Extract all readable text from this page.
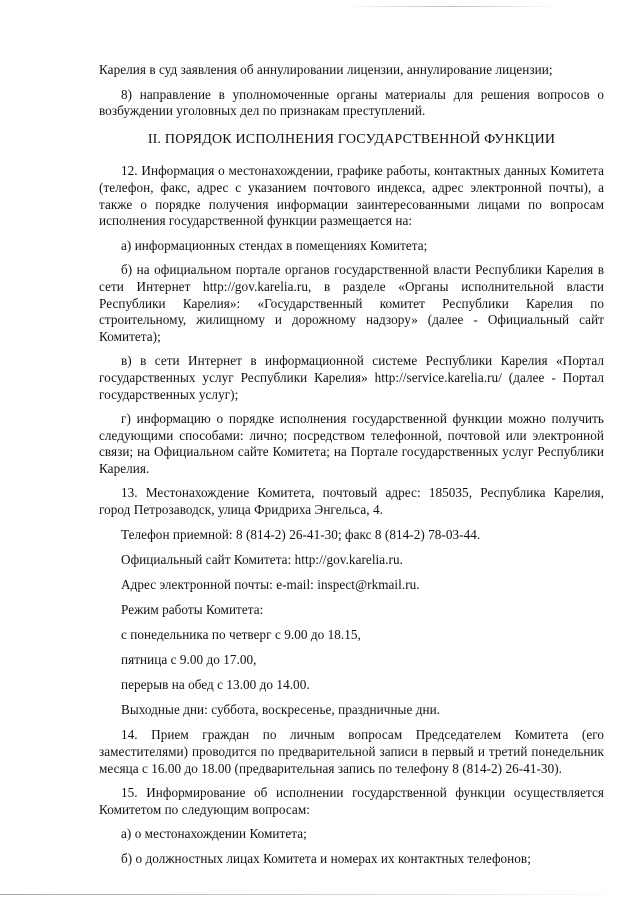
Карелия в суд заявления об аннулировании лицензии, аннулирование лицензии;

8) направление в уполномоченные органы материалы для решения вопросов о возбуждении уголовных дел по признакам преступлений.

II. ПОРЯДОК ИСПОЛНЕНИЯ ГОСУДАРСТВЕННОЙ ФУНКЦИИ

12. Информация о местонахождении, графике работы, контактных данных Комитета (телефон, факс, адрес с указанием почтового индекса, адрес электронной почты), а также о порядке получения информации заинтересованными лицами по вопросам исполнения государственной функции размещается на:

а) информационных стендах в помещениях Комитета;

б) на официальном портале органов государственной власти Республики Карелия в сети Интернет http://gov.karelia.ru, в разделе «Органы исполнительной власти Республики Карелия»: «Государственный комитет Республики Карелия по строительному, жилищному и дорожному надзору» (далее - Официальный сайт Комитета);

в) в сети Интернет в информационной системе Республики Карелия «Портал государственных услуг Республики Карелия» http://service.karelia.ru/ (далее - Портал государственных услуг);

г) информацию о порядке исполнения государственной функции можно получить следующими способами: лично; посредством телефонной, почтовой или электронной связи; на Официальном сайте Комитета; на Портале государственных услуг Республики Карелия.

13. Местонахождение Комитета, почтовый адрес: 185035, Республика Карелия, город Петрозаводск, улица Фридриха Энгельса, 4.

Телефон приемной: 8 (814-2) 26-41-30; факс 8 (814-2) 78-03-44.
Официальный сайт Комитета: http://gov.karelia.ru.
Адрес электронной почты: e-mail: inspect@rkmail.ru.
Режим работы Комитета:
с понедельника по четверг с 9.00 до 18.15,
пятница с 9.00 до 17.00,
перерыв на обед с 13.00 до 14.00.
Выходные дни: суббота, воскресенье, праздничные дни.

14. Прием граждан по личным вопросам Председателем Комитета (его заместителями) проводится по предварительной записи в первый и третий понедельник месяца с 16.00 до 18.00 (предварительная запись по телефону 8 (814-2) 26-41-30).

15. Информирование об исполнении государственной функции осуществляется Комитетом по следующим вопросам:

а) о местонахождении Комитета;
б) о должностных лицах Комитета и номерах их контактных телефонов;
